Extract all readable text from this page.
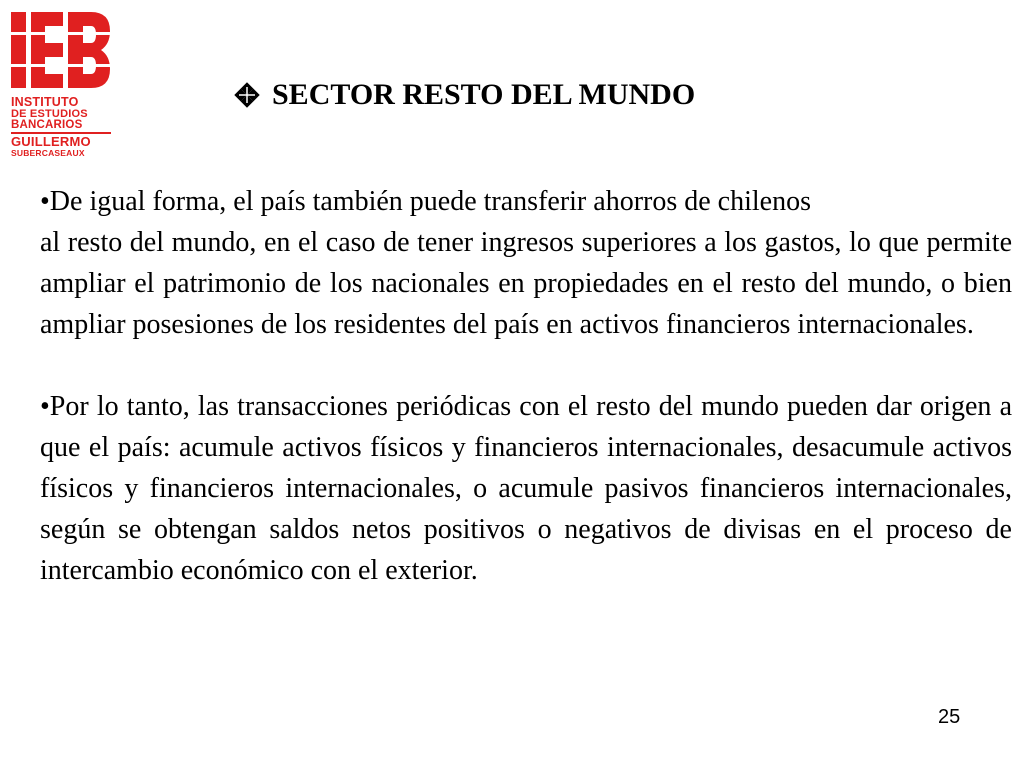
INSTITUTO
DE ESTUDIOS
BANCARIOS
GUILLERMO
SUBERCASEAUX
SECTOR RESTO DEL MUNDO

•De igual forma, el país también puede transferir ahorros de chilenos
al resto del mundo, en el caso de tener ingresos superiores a los gastos, lo que permite ampliar el patrimonio de los nacionales en propiedades en el resto del mundo, o bien ampliar posesiones de los residentes del país en activos financieros internacionales.

•Por lo tanto, las transacciones periódicas con el resto del mundo pueden dar origen a que el país: acumule activos físicos y financieros internacionales, desacumule activos físicos y financieros internacionales, o acumule pasivos financieros internacionales, según se obtengan saldos netos positivos o negativos de divisas en el proceso de intercambio económico con el exterior.

25
